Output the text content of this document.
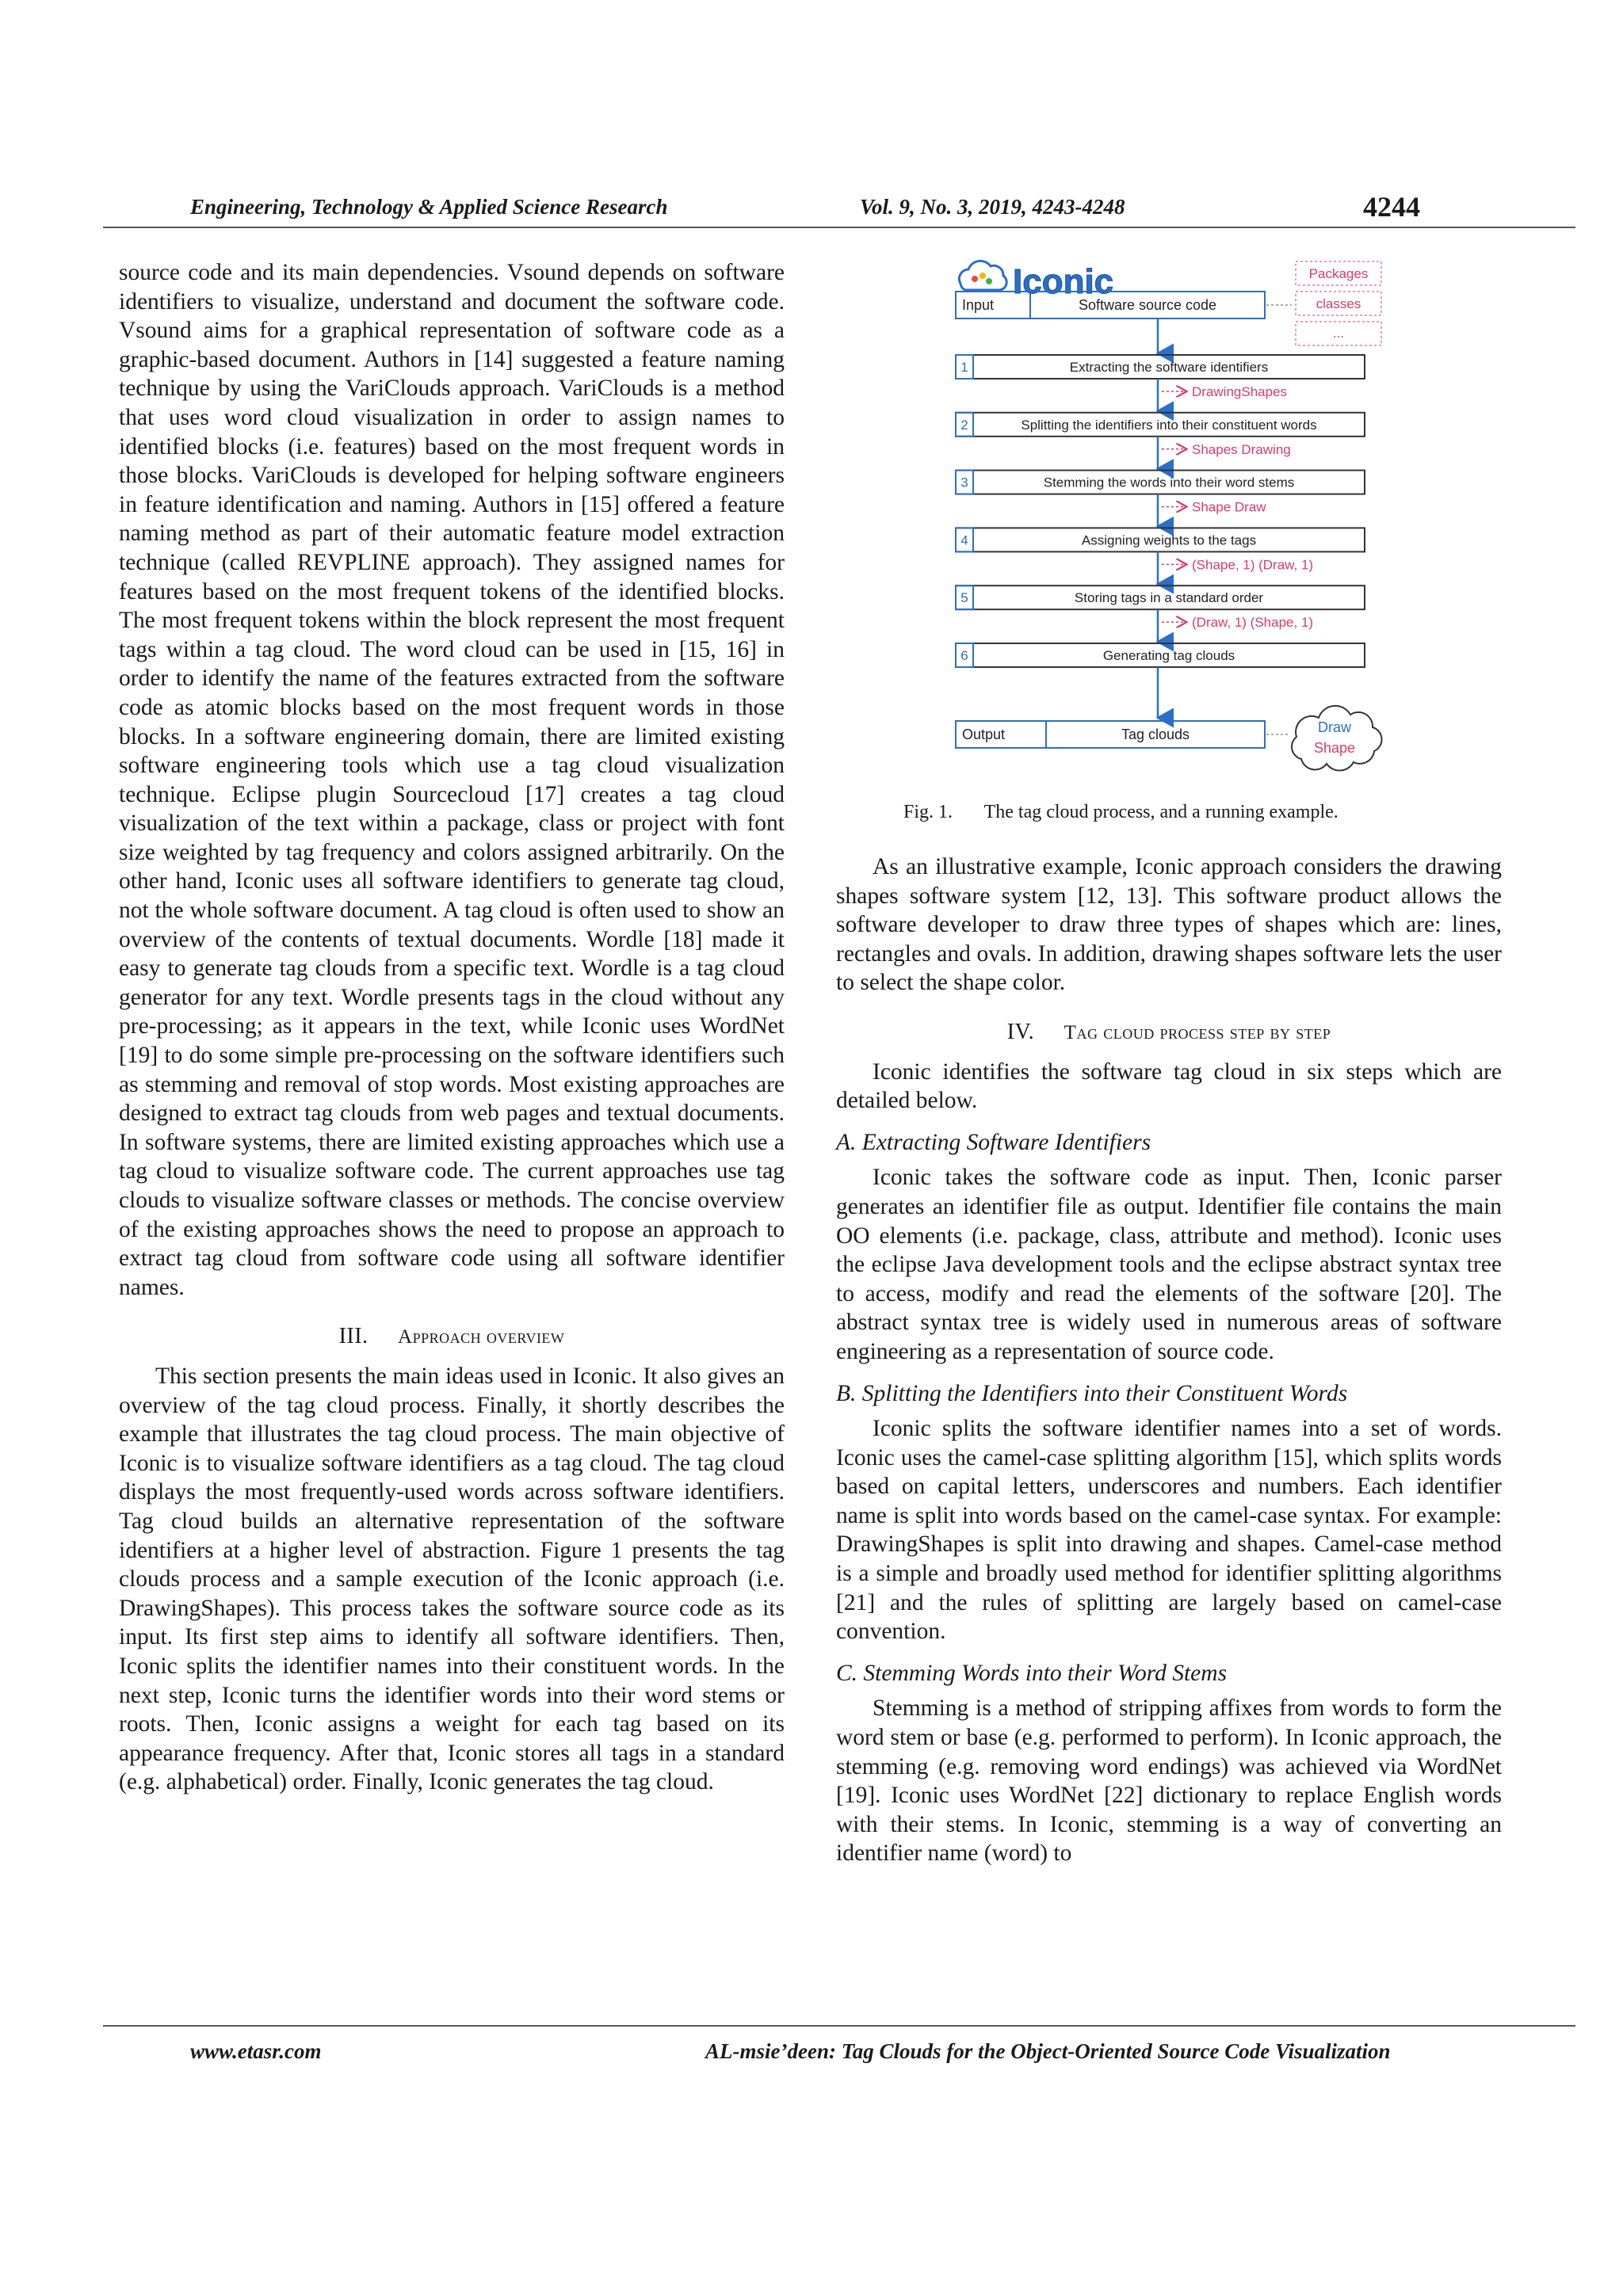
Engineering, Technology & Applied Science Research	Vol. 9, No. 3, 2019, 4243-4248	4244

source code and its main dependencies. Vsound depends on software identifiers to visualize, understand and document the software code. Vsound aims for a graphical representation of software code as a graphic-based document. Authors in [14] suggested a feature naming technique by using the VariClouds approach. VariClouds is a method that uses word cloud visualization in order to assign names to identified blocks (i.e. features) based on the most frequent words in those blocks. VariClouds is developed for helping software engineers in feature identification and naming. Authors in [15] offered a feature naming method as part of their automatic feature model extraction technique (called REVPLINE approach). They assigned names for features based on the most frequent tokens of the identified blocks. The most frequent tokens within the block represent the most frequent tags within a tag cloud. The word cloud can be used in [15, 16] in order to identify the name of the features extracted from the software code as atomic blocks based on the most frequent words in those blocks. In a software engineering domain, there are limited existing software engineering tools which use a tag cloud visualization technique. Eclipse plugin Sourcecloud [17] creates a tag cloud visualization of the text within a package, class or project with font size weighted by tag frequency and colors assigned arbitrarily. On the other hand, Iconic uses all software identifiers to generate tag cloud, not the whole software document. A tag cloud is often used to show an overview of the contents of textual documents. Wordle [18] made it easy to generate tag clouds from a specific text. Wordle is a tag cloud generator for any text. Wordle presents tags in the cloud without any pre-processing; as it appears in the text, while Iconic uses WordNet [19] to do some simple pre-processing on the software identifiers such as stemming and removal of stop words. Most existing approaches are designed to extract tag clouds from web pages and textual documents. In software systems, there are limited existing approaches which use a tag cloud to visualize software code. The current approaches use tag clouds to visualize software classes or methods. The concise overview of the existing approaches shows the need to propose an approach to extract tag cloud from software code using all software identifier names.

III. Approach overview

This section presents the main ideas used in Iconic. It also gives an overview of the tag cloud process. Finally, it shortly describes the example that illustrates the tag cloud process. The main objective of Iconic is to visualize software identifiers as a tag cloud. The tag cloud displays the most frequently-used words across software identifiers. Tag cloud builds an alternative representation of the software identifiers at a higher level of abstraction. Figure 1 presents the tag clouds process and a sample execution of the Iconic approach (i.e. DrawingShapes). This process takes the software source code as its input. Its first step aims to identify all software identifiers. Then, Iconic splits the identifier names into their constituent words. In the next step, Iconic turns the identifier words into their word stems or roots. Then, Iconic assigns a weight for each tag based on its appearance frequency. After that, Iconic stores all tags in a standard (e.g. alphabetical) order. Finally, Iconic generates the tag cloud.

Iconic	Packages
classes
...
Input	Software source code
1	Extracting the software identifiers
DrawingShapes
2	Splitting the identifiers into their constituent words
Shapes Drawing
3	Stemming the words into their word stems
Shape Draw
4	Assigning weights to the tags
(Shape, 1) (Draw, 1)
5	Storing tags in a standard order
(Draw, 1) (Shape, 1)
6	Generating tag clouds
Output	Tag clouds	Draw
Shape
Fig. 1. The tag cloud process, and a running example.

As an illustrative example, Iconic approach considers the drawing shapes software system [12, 13]. This software product allows the software developer to draw three types of shapes which are: lines, rectangles and ovals. In addition, drawing shapes software lets the user to select the shape color.

IV. Tag cloud process step by step

Iconic identifies the software tag cloud in six steps which are detailed below.

A. Extracting Software Identifiers

Iconic takes the software code as input. Then, Iconic parser generates an identifier file as output. Identifier file contains the main OO elements (i.e. package, class, attribute and method). Iconic uses the eclipse Java development tools and the eclipse abstract syntax tree to access, modify and read the elements of the software [20]. The abstract syntax tree is widely used in numerous areas of software engineering as a representation of source code.

B. Splitting the Identifiers into their Constituent Words

Iconic splits the software identifier names into a set of words. Iconic uses the camel-case splitting algorithm [15], which splits words based on capital letters, underscores and numbers. Each identifier name is split into words based on the camel-case syntax. For example: DrawingShapes is split into drawing and shapes. Camel-case method is a simple and broadly used method for identifier splitting algorithms [21] and the rules of splitting are largely based on camel-case convention.

C. Stemming Words into their Word Stems

Stemming is a method of stripping affixes from words to form the word stem or base (e.g. performed to perform). In Iconic approach, the stemming (e.g. removing word endings) was achieved via WordNet [19]. Iconic uses WordNet [22] dictionary to replace English words with their stems. In Iconic, stemming is a way of converting an identifier name (word) to

www.etasr.com	AL-msie’deen: Tag Clouds for the Object-Oriented Source Code Visualization
